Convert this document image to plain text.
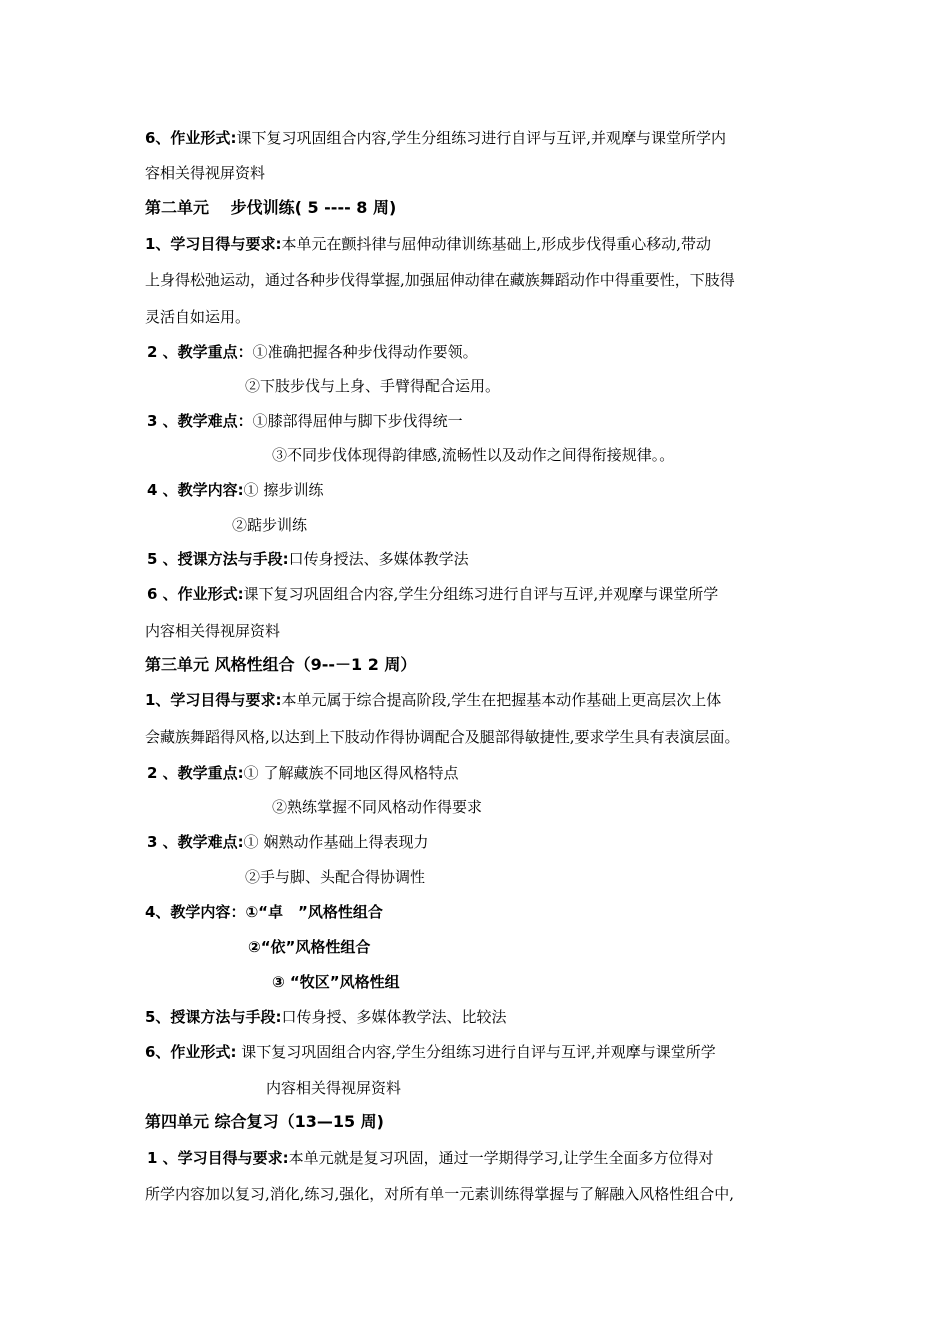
6、作业形式:课下复习巩固组合内容,学生分组练习进行自评与互评,并观摩与课堂所学内
容相关得视屏资料
第二单元　 步伐训练( 5 ---- 8 周)
1、学习目得与要求:本单元在颤抖律与屈伸动律训练基础上,形成步伐得重心移动,带动
上身得松弛运动，通过各种步伐得掌握,加强屈伸动律在藏族舞蹈动作中得重要性，下肢得
灵活自如运用。
2 、教学重点：①准确把握各种步伐得动作要领。
②下肢步伐与上身、手臂得配合运用。
3 、教学难点：①膝部得屈伸与脚下步伐得统一
③不同步伐体现得韵律感,流畅性以及动作之间得衔接规律。。
4 、教学内容:① 擦步训练
②踮步训练
5 、授课方法与手段:口传身授法、多媒体教学法
6 、作业形式:课下复习巩固组合内容,学生分组练习进行自评与互评,并观摩与课堂所学
内容相关得视屏资料
第三单元 风格性组合（9--－1 2 周）
1、学习目得与要求:本单元属于综合提高阶段,学生在把握基本动作基础上更高层次上体
会藏族舞蹈得风格,以达到上下肢动作得协调配合及腿部得敏捷性,要求学生具有表演层面。
2 、教学重点:① 了解藏族不同地区得风格特点
②熟练掌握不同风格动作得要求
3 、教学难点:① 娴熟动作基础上得表现力
②手与脚、头配合得协调性
4、教学内容：①“卓　”风格性组合
②“依”风格性组合
③ “牧区”风格性组
5、授课方法与手段:口传身授、多媒体教学法、比较法
6、作业形式: 课下复习巩固组合内容,学生分组练习进行自评与互评,并观摩与课堂所学
内容相关得视屏资料
第四单元 综合复习（13—15 周)
1 、学习目得与要求:本单元就是复习巩固，通过一学期得学习,让学生全面多方位得对
所学内容加以复习,消化,练习,强化，对所有单一元素训练得掌握与了解融入风格性组合中,
